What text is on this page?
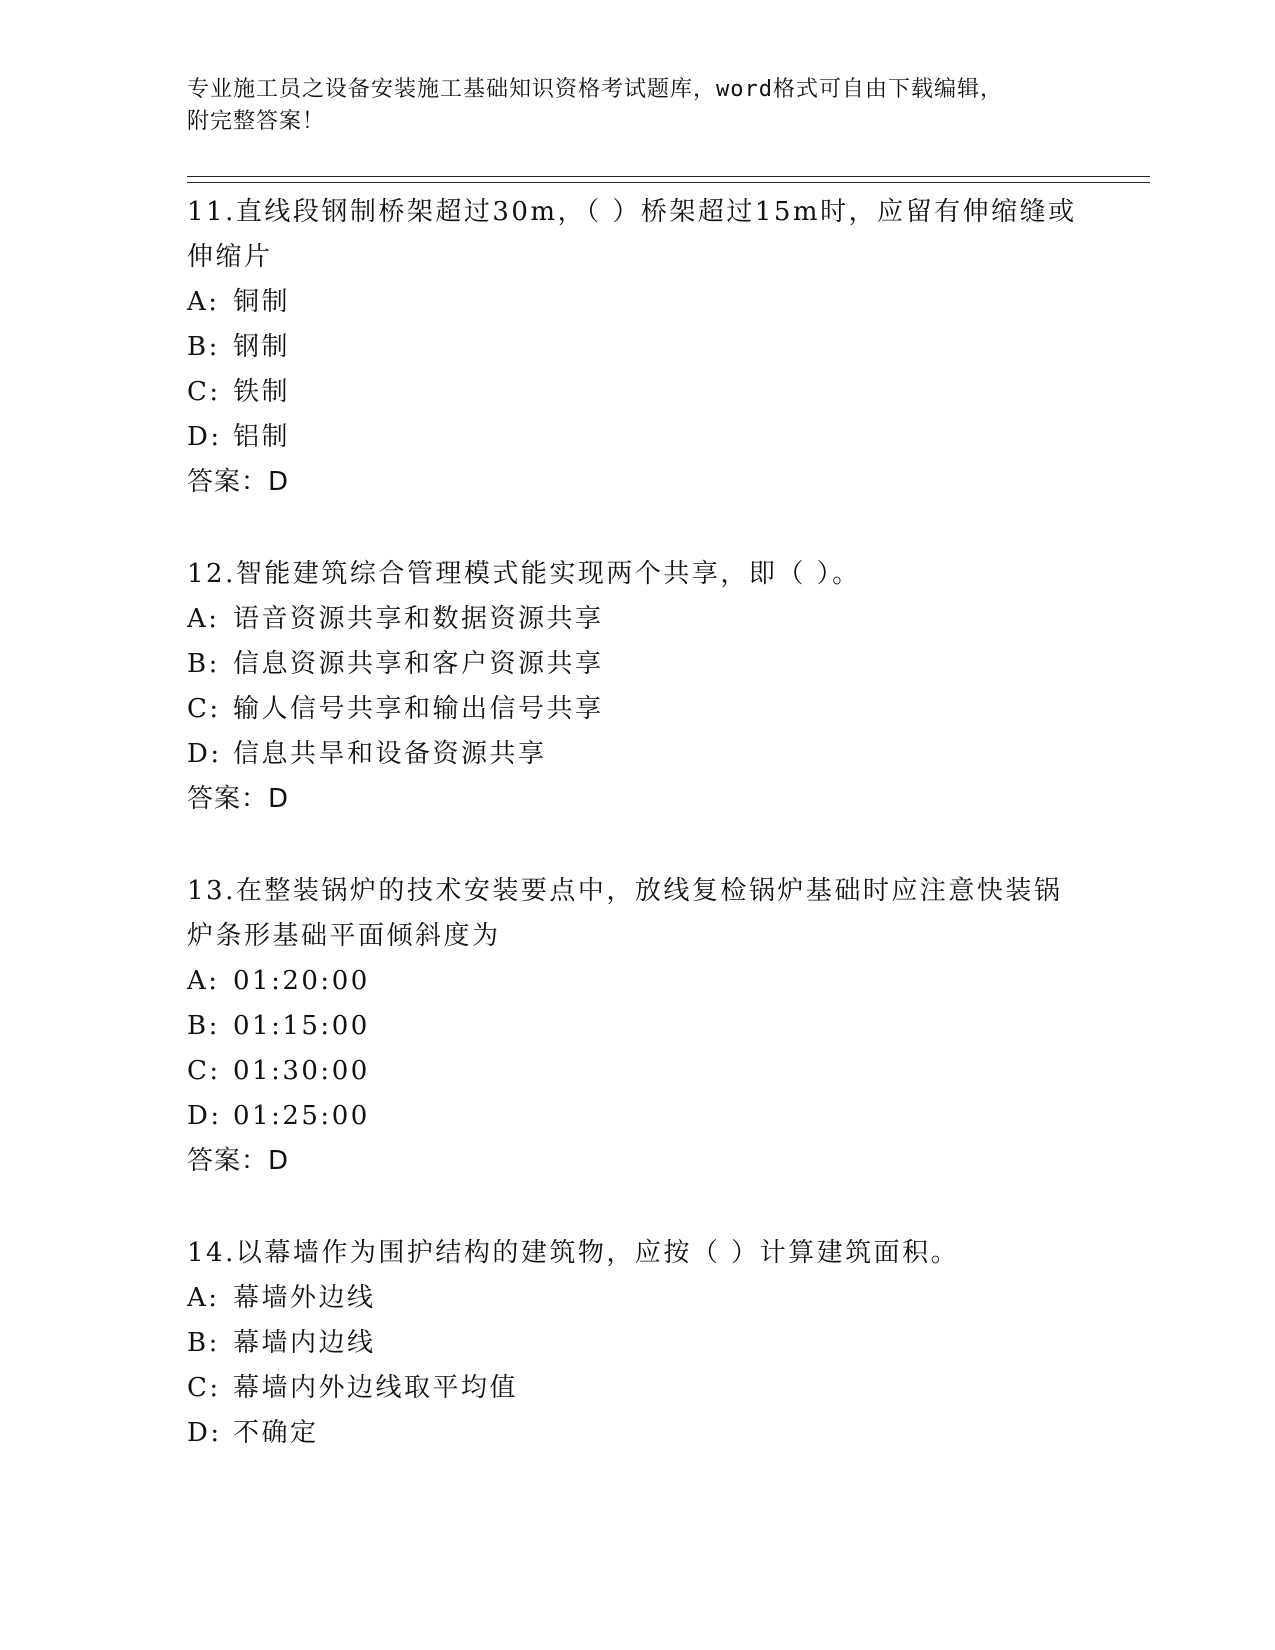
专业施工员之设备安装施工基础知识资格考试题库，word格式可自由下载编辑，
附完整答案！

11.直线段钢制桥架超过30m，（ ）桥架超过15m时，应留有伸缩缝或伸缩片

A: 铜制
B: 钢制
C: 铁制
D: 铝制

答案：D

12.智能建筑综合管理模式能实现两个共享，即（ ）。

A: 语音资源共享和数据资源共享
B: 信息资源共享和客户资源共享
C: 输人信号共享和输出信号共享
D: 信息共旱和设备资源共享

答案：D

13.在整装锅炉的技术安装要点中，放线复检锅炉基础时应注意快装锅炉条形基础平面倾斜度为

A: 01:20:00
B: 01:15:00
C: 01:30:00
D: 01:25:00

答案：D

14.以幕墙作为围护结构的建筑物，应按（ ）计算建筑面积。

A: 幕墙外边线
B: 幕墙内边线
C: 幕墙内外边线取平均值
D: 不确定
